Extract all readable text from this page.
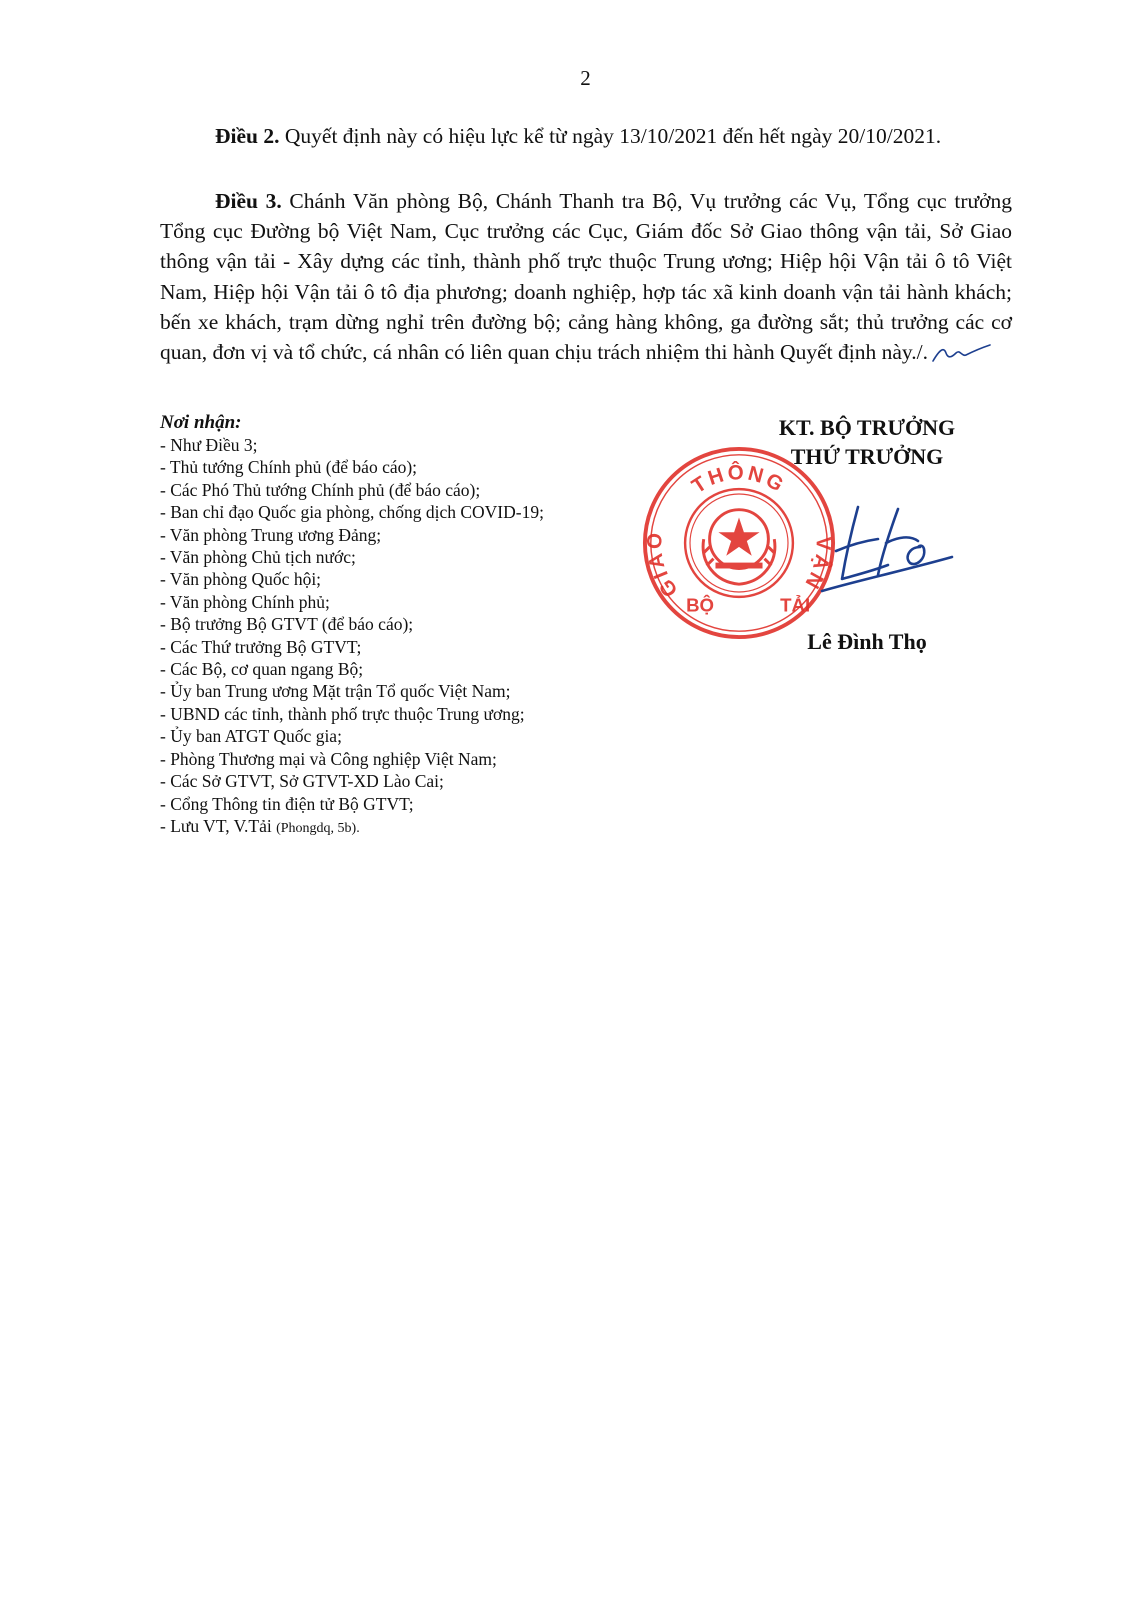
2

Điều 2. Quyết định này có hiệu lực kể từ ngày 13/10/2021 đến hết ngày 20/10/2021.

Điều 3. Chánh Văn phòng Bộ, Chánh Thanh tra Bộ, Vụ trưởng các Vụ, Tổng cục trưởng Tổng cục Đường bộ Việt Nam, Cục trưởng các Cục, Giám đốc Sở Giao thông vận tải, Sở Giao thông vận tải - Xây dựng các tỉnh, thành phố trực thuộc Trung ương; Hiệp hội Vận tải ô tô Việt Nam, Hiệp hội Vận tải ô tô địa phương; doanh nghiệp, hợp tác xã kinh doanh vận tải hành khách; bến xe khách, trạm dừng nghỉ trên đường bộ; cảng hàng không, ga đường sắt; thủ trưởng các cơ quan, đơn vị và tổ chức, cá nhân có liên quan chịu trách nhiệm thi hành Quyết định này./.

Nơi nhận:

- Như Điều 3;
- Thủ tướng Chính phủ (để báo cáo);
- Các Phó Thủ tướng Chính phủ (để báo cáo);
- Ban chỉ đạo Quốc gia phòng, chống dịch COVID-19;
- Văn phòng Trung ương Đảng;
- Văn phòng Chủ tịch nước;
- Văn phòng Quốc hội;
- Văn phòng Chính phủ;
- Bộ trưởng Bộ GTVT (để báo cáo);
- Các Thứ trưởng Bộ GTVT;
- Các Bộ, cơ quan ngang Bộ;
- Ủy ban Trung ương Mặt trận Tổ quốc Việt Nam;
- UBND các tỉnh, thành phố trực thuộc Trung ương;
- Ủy ban ATGT Quốc gia;
- Phòng Thương mại và Công nghiệp Việt Nam;
- Các Sở GTVT, Sở GTVT-XD Lào Cai;
- Cổng Thông tin điện tử Bộ GTVT;
- Lưu VT, V.Tải (Phongdq, 5b).
KT. BỘ TRƯỞNG
THỨ TRƯỞNG
THÔNG
GIAO	VẬN
BỘ	TẢI
Lê Đình Thọ
